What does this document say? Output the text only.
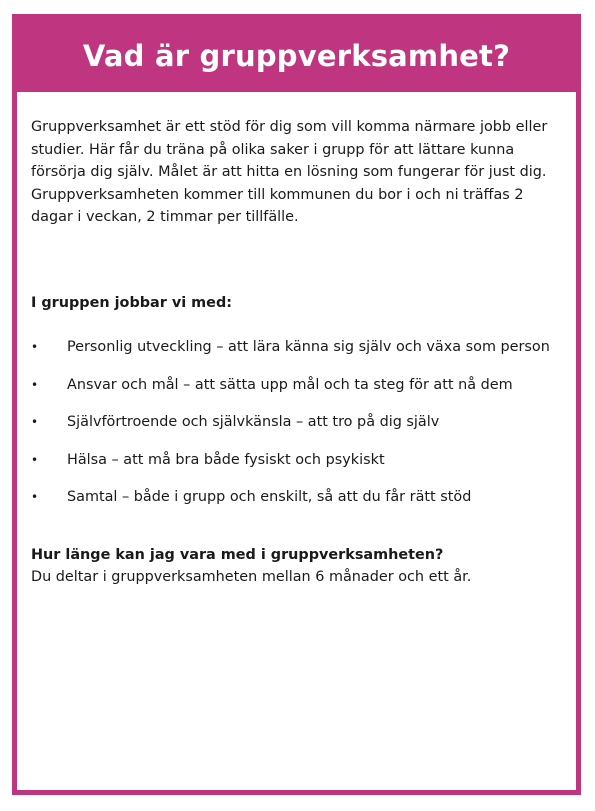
Vad är gruppverksamhet?

Gruppverksamhet är ett stöd för dig som vill komma närmare jobb eller studier. Här får du träna på olika saker i grupp för att lättare kunna försörja dig själv. Målet är att hitta en lösning som fungerar för just dig. Gruppverksamheten kommer till kommunen du bor i och ni träffas 2 dagar i veckan, 2 timmar per tillfälle.

I gruppen jobbar vi med:

•	Personlig utveckling – att lära känna sig själv och växa som person
•	Ansvar och mål – att sätta upp mål och ta steg för att nå dem
•	Självförtroende och självkänsla – att tro på dig själv
•	Hälsa – att må bra både fysiskt och psykiskt
•	Samtal – både i grupp och enskilt, så att du får rätt stöd

Hur länge kan jag vara med i gruppverksamheten?

Du deltar i gruppverksamheten mellan 6 månader och ett år.
